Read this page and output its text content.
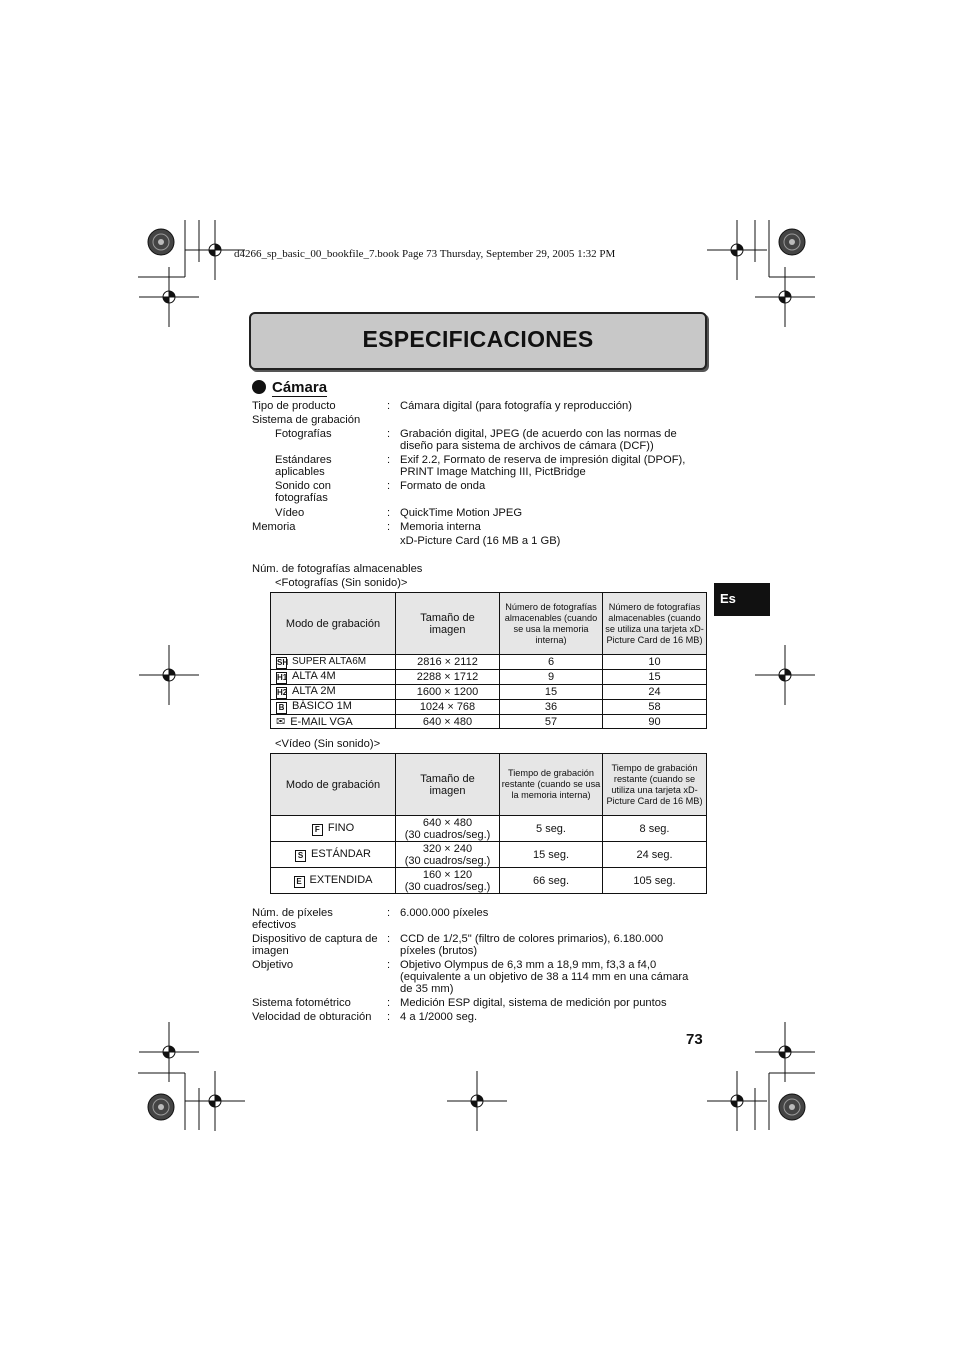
d4266_sp_basic_00_bookfile_7.book Page 73 Thursday, September 29, 2005 1:32 PM
ESPECIFICACIONES
Cámara
Tipo de producto	: Cámara digital (para fotografía y reproducción)
Sistema de grabación
Fotografías	: Grabación digital, JPEG (de acuerdo con las normas de
diseño para sistema de archivos de cámara (DCF))
Estándares
aplicables
: Exif 2.2, Formato de reserva de impresión digital (DPOF),
PRINT Image Matching III, PictBridge
Sonido con
fotografías
: Formato de onda
Vídeo	: QuickTime Motion JPEG
Memoria	: Memoria interna
xD-Picture Card (16 MB a 1 GB)
Núm. de fotografías almacenables
<Fotografías (Sin sonido)>
Es
Modo de grabación	Tamaño de imagen	Número de fotografías almacenables (cuando se usa la memoria interna)	Número de fotografías almacenables (cuando se utiliza una tarjeta xD-Picture Card de 16 MB)
SH SUPER ALTA6M	2816 × 2112	6	10
H1 ALTA 4M	2288 × 1712	9	15
H2 ALTA 2M	1600 × 1200	15	24
B BÁSICO 1M	1024 × 768	36	58
✉ E-MAIL VGA	640 × 480	57	90
<Vídeo (Sin sonido)>
Modo de grabación	Tamaño de imagen	Tiempo de grabación restante (cuando se usa la memoria interna)	Tiempo de grabación restante (cuando se utiliza una tarjeta xD-Picture Card de 16 MB)
F FINO	640 × 480
(30 cuadros/seg.)	5 seg.	8 seg.
S ESTÁNDAR	320 × 240
(30 cuadros/seg.)	15 seg.	24 seg.
E EXTENDIDA	160 × 120
(30 cuadros/seg.)	66 seg.	105 seg.
Núm. de píxeles
efectivos
: 6.000.000 píxeles
Dispositivo de captura de
imagen
: CCD de 1/2,5" (filtro de colores primarios), 6.180.000
píxeles (brutos)
Objetivo	: Objetivo Olympus de 6,3 mm a 18,9 mm, f3,3 a f4,0
(equivalente a un objetivo de 38 a 114 mm en una cámara
de 35 mm)
Sistema fotométrico	: Medición ESP digital, sistema de medición por puntos
Velocidad de obturación : 4 a 1/2000 seg.
73
